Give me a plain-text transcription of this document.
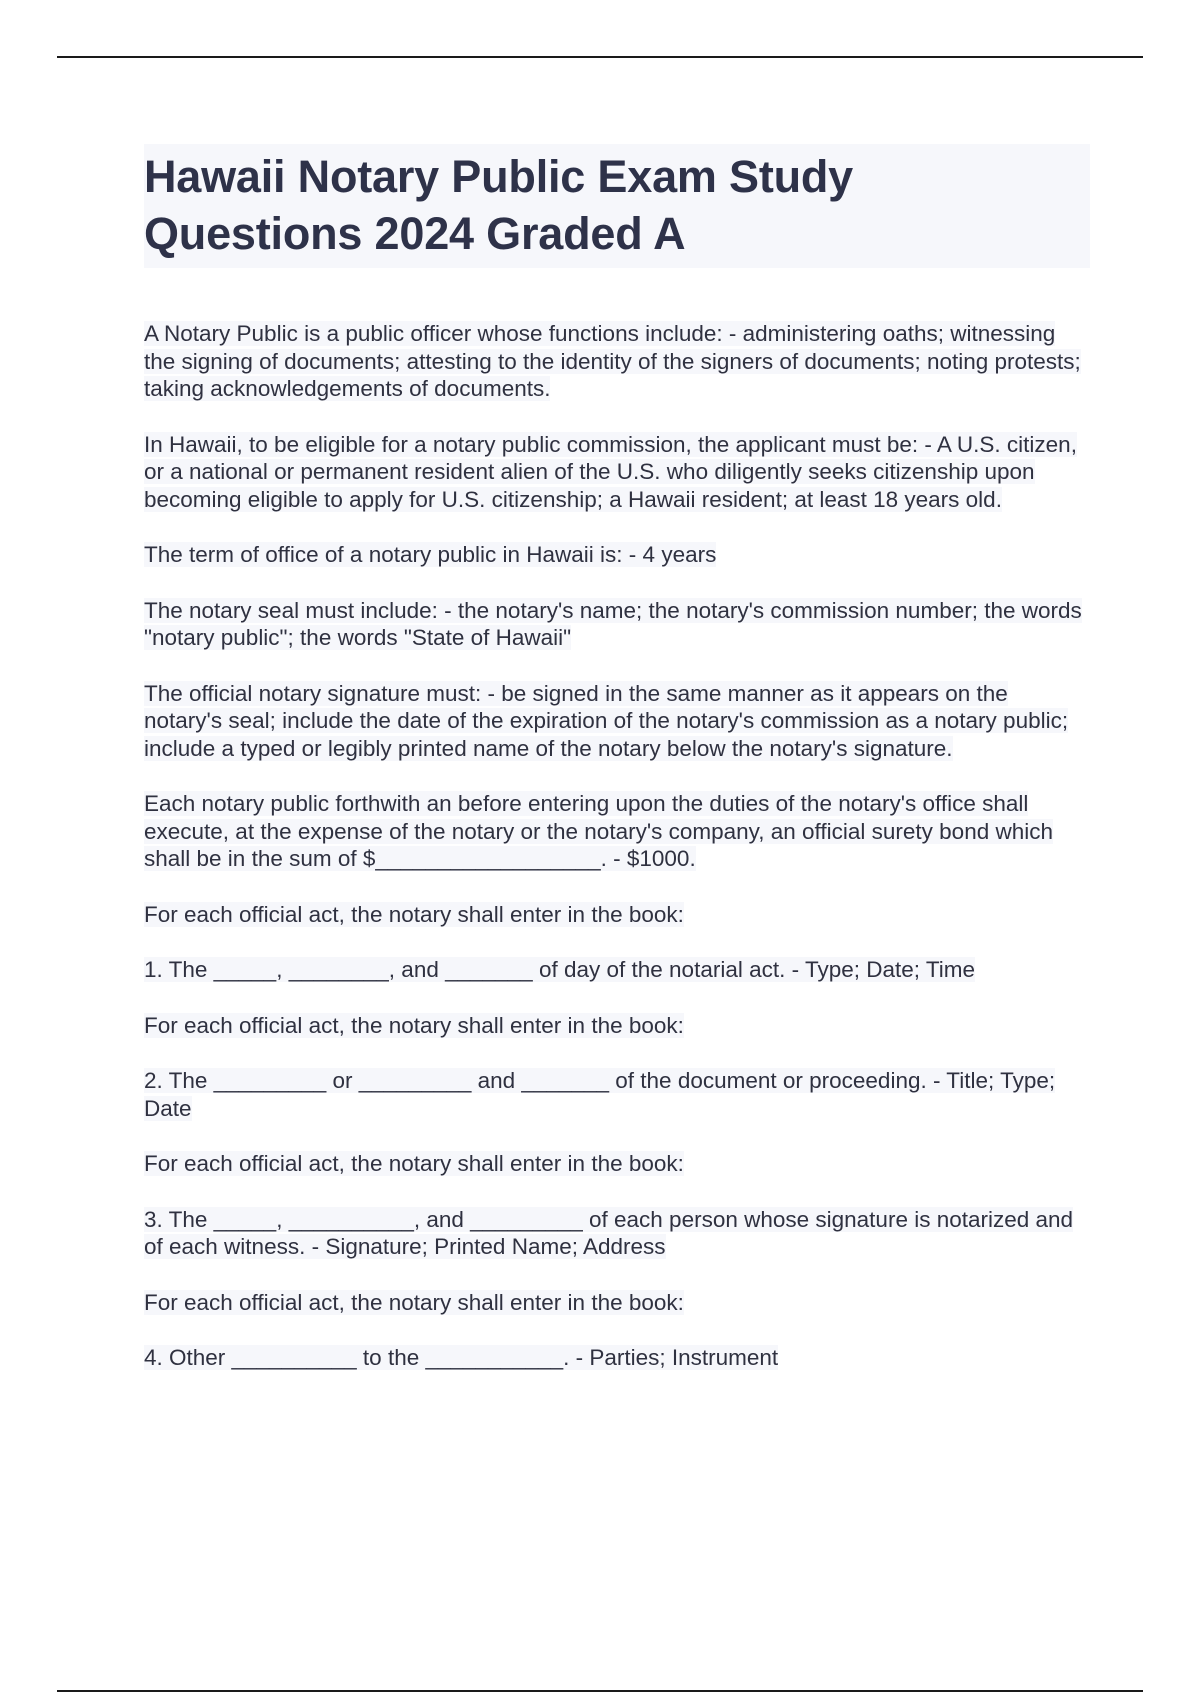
Hawaii Notary Public Exam Study
Questions 2024 Graded A

A Notary Public is a public officer whose functions include: - administering oaths; witnessing the signing of documents; attesting to the identity of the signers of documents; noting protests; taking acknowledgements of documents.

In Hawaii, to be eligible for a notary public commission, the applicant must be: - A U.S. citizen, or a national or permanent resident alien of the U.S. who diligently seeks citizenship upon becoming eligible to apply for U.S. citizenship; a Hawaii resident; at least 18 years old.

The term of office of a notary public in Hawaii is: - 4 years

The notary seal must include: - the notary's name; the notary's commission number; the words "notary public"; the words "State of Hawaii"

The official notary signature must: - be signed in the same manner as it appears on the notary's seal; include the date of the expiration of the notary's commission as a notary public; include a typed or legibly printed name of the notary below the notary's signature.

Each notary public forthwith an before entering upon the duties of the notary's office shall execute, at the expense of the notary or the notary's company, an official surety bond which shall be in the sum of $__________________. - $1000.

For each official act, the notary shall enter in the book:

1. The _____, ________, and _______ of day of the notarial act. - Type; Date; Time

For each official act, the notary shall enter in the book:

2. The _________ or _________ and _______ of the document or proceeding. - Title; Type; Date

For each official act, the notary shall enter in the book:

3. The _____, __________, and _________ of each person whose signature is notarized and of each witness. - Signature; Printed Name; Address

For each official act, the notary shall enter in the book:

4. Other __________ to the ___________. - Parties; Instrument
